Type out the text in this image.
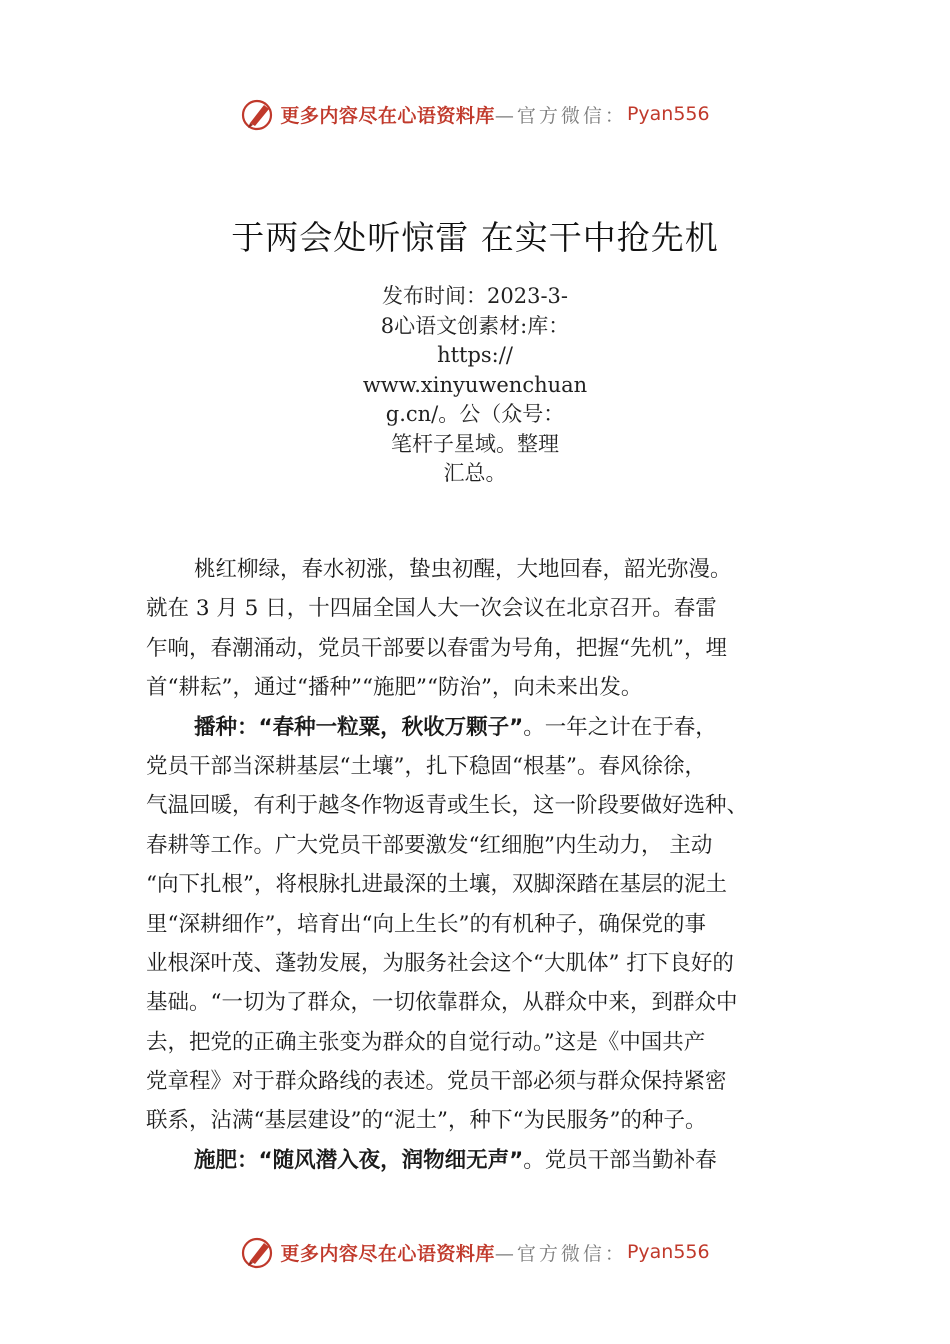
更多内容尽在心语资料库 —官方微信： Pyan556
于两会处听惊雷 在实干中抢先机
发布时间：2023-3-
8心语文创素材:库：
https://
www.xinyuwenchuan
g.cn/。公（众号：
笔杆子星域。整理
汇总。
桃红柳绿，春水初涨，蛰虫初醒，大地回春，韶光弥漫。
就在 3 月 5 日，十四届全国人大一次会议在北京召开。春雷
乍响，春潮涌动，党员干部要以春雷为号角，把握“先机”，埋
首“耕耘”，通过“播种”“施肥”“防治”，向未来出发。
播种：“春种一粒粟，秋收万颗子”。一年之计在于春，
党员干部当深耕基层“土壤”，扎下稳固“根基”。春风徐徐，
气温回暖，有利于越冬作物返青或生长，这一阶段要做好选种、
春耕等工作。广大党员干部要激发“红细胞”内生动力， 主动
“向下扎根”，将根脉扎进最深的土壤，双脚深踏在基层的泥土
里“深耕细作”，培育出“向上生长”的有机种子，确保党的事
业根深叶茂、蓬勃发展，为服务社会这个“大肌体” 打下良好的
基础。“一切为了群众，一切依靠群众，从群众中来，到群众中
去，把党的正确主张变为群众的自觉行动。”这是《中国共产
党章程》对于群众路线的表述。党员干部必须与群众保持紧密
联系，沾满“基层建设”的“泥土”，种下“为民服务”的种子。
施肥：“随风潜入夜，润物细无声”。党员干部当勤补春
更多内容尽在心语资料库 —官方微信： Pyan556
